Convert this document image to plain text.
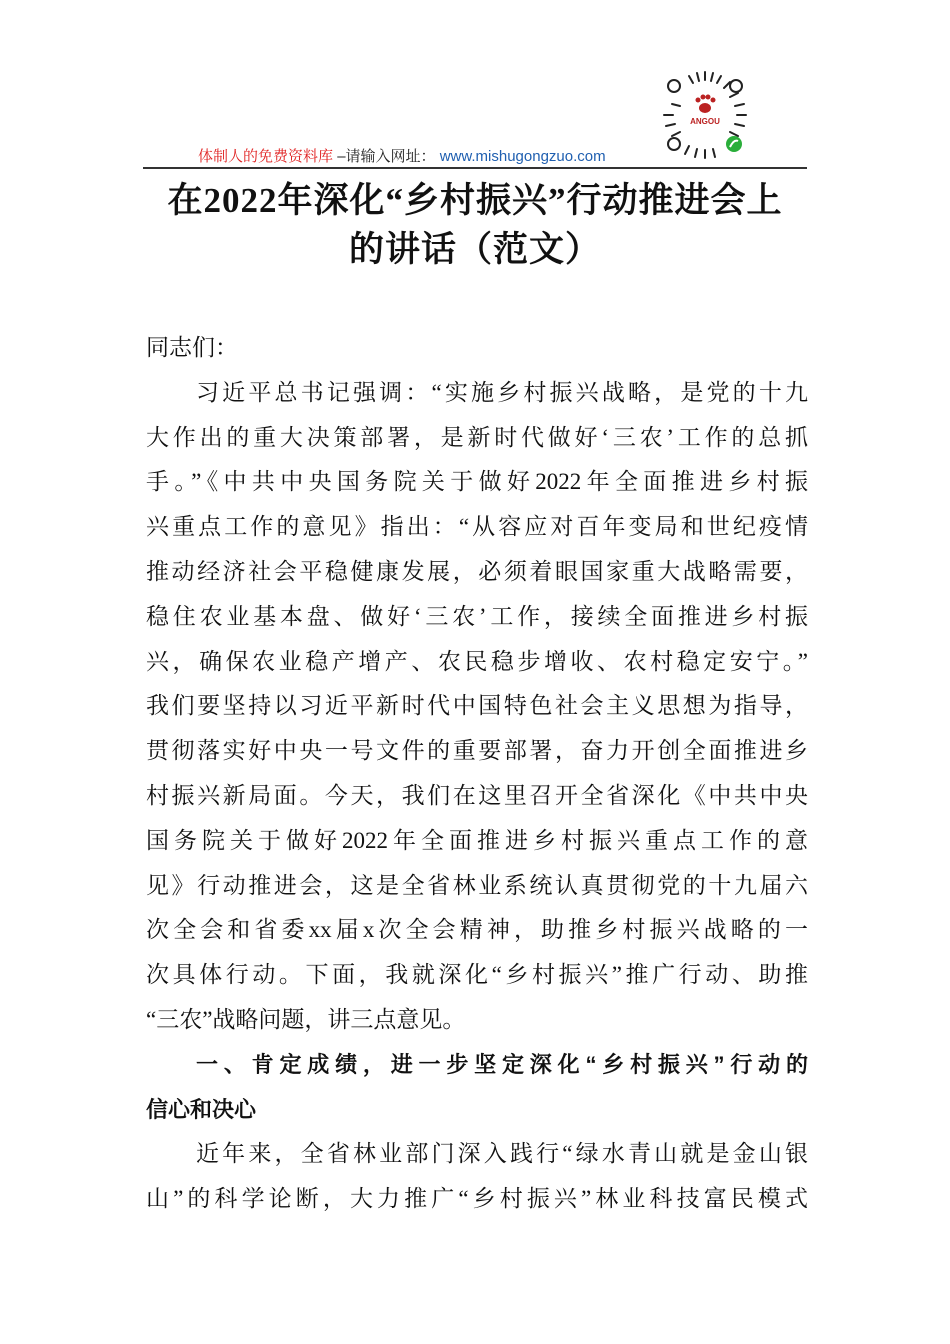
体制人的免费资料库 –请输入网址： www.mishugongzuo.com
ANGOU
在2022年深化“乡村振兴”行动推进会上
的讲话（范文）
同志们：
习近平总书记强调：“实施乡村振兴战略，是党的十九
大作出的重大决策部署，是新时代做好‘三农’工作的总抓
手。”《中共中央国务院关于做好2022年全面推进乡村振
兴重点工作的意见》指出：“从容应对百年变局和世纪疫情
推动经济社会平稳健康发展，必须着眼国家重大战略需要，
稳住农业基本盘、做好‘三农’工作，接续全面推进乡村振
兴，确保农业稳产增产、农民稳步增收、农村稳定安宁。”
我们要坚持以习近平新时代中国特色社会主义思想为指导，
贯彻落实好中央一号文件的重要部署，奋力开创全面推进乡
村振兴新局面。今天，我们在这里召开全省深化《中共中央
国务院关于做好2022年全面推进乡村振兴重点工作的意
见》行动推进会，这是全省林业系统认真贯彻党的十九届六
次全会和省委xx届x次全会精神，助推乡村振兴战略的一
次具体行动。下面，我就深化“乡村振兴”推广行动、助推
“三农”战略问题，讲三点意见。
一、肯定成绩，进一步坚定深化“乡村振兴”行动的
信心和决心
近年来，全省林业部门深入践行“绿水青山就是金山银
山”的科学论断，大力推广“乡村振兴”林业科技富民模式
